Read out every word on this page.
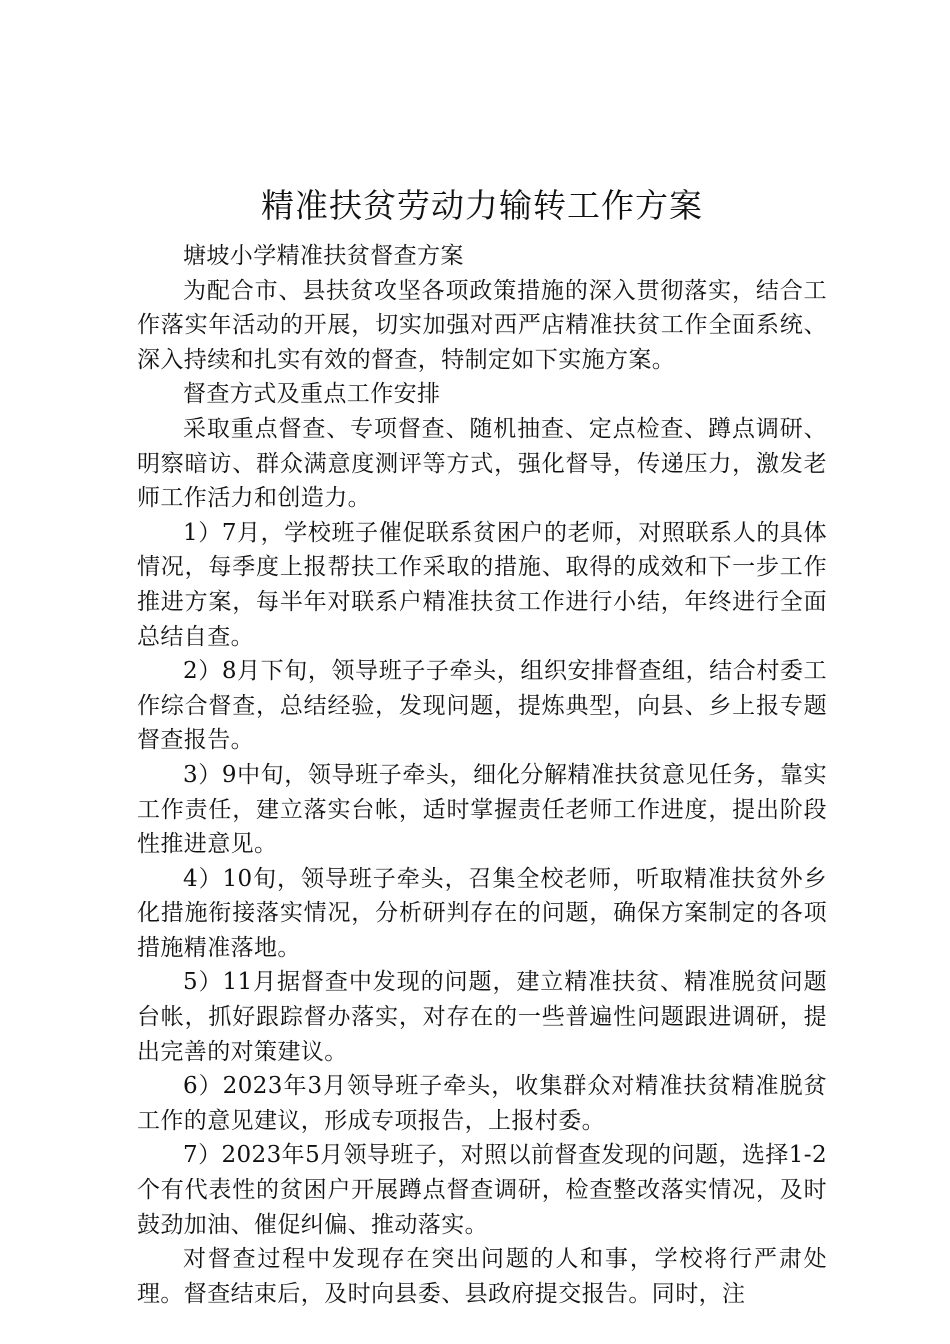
精准扶贫劳动力输转工作方案

塘坡小学精准扶贫督查方案

为配合市、县扶贫攻坚各项政策措施的深入贯彻落实，结合工作落实年活动的开展，切实加强对西严店精准扶贫工作全面系统、深入持续和扎实有效的督查，特制定如下实施方案。

督查方式及重点工作安排

采取重点督查、专项督查、随机抽查、定点检查、蹲点调研、明察暗访、群众满意度测评等方式，强化督导，传递压力，激发老师工作活力和创造力。

1）7月，学校班子催促联系贫困户的老师，对照联系人的具体情况，每季度上报帮扶工作采取的措施、取得的成效和下一步工作推进方案，每半年对联系户精准扶贫工作进行小结，年终进行全面总结自查。

2）8月下旬，领导班子子牵头，组织安排督查组，结合村委工作综合督查，总结经验，发现问题，提炼典型，向县、乡上报专题督查报告。

3）9中旬，领导班子牵头，细化分解精准扶贫意见任务，靠实工作责任，建立落实台帐，适时掌握责任老师工作进度，提出阶段性推进意见。

4）10旬，领导班子牵头，召集全校老师，听取精准扶贫外乡化措施衔接落实情况，分析研判存在的问题，确保方案制定的各项措施精准落地。

5）11月据督查中发现的问题，建立精准扶贫、精准脱贫问题台帐，抓好跟踪督办落实，对存在的一些普遍性问题跟进调研，提出完善的对策建议。

6）2023年3月领导班子牵头，收集群众对精准扶贫精准脱贫工作的意见建议，形成专项报告，上报村委。

7）2023年5月领导班子，对照以前督查发现的问题，选择1-2个有代表性的贫困户开展蹲点督查调研，检查整改落实情况，及时鼓劲加油、催促纠偏、推动落实。

对督查过程中发现存在突出问题的人和事，学校将行严肃处理。督查结束后，及时向县委、县政府提交报告。同时，注
